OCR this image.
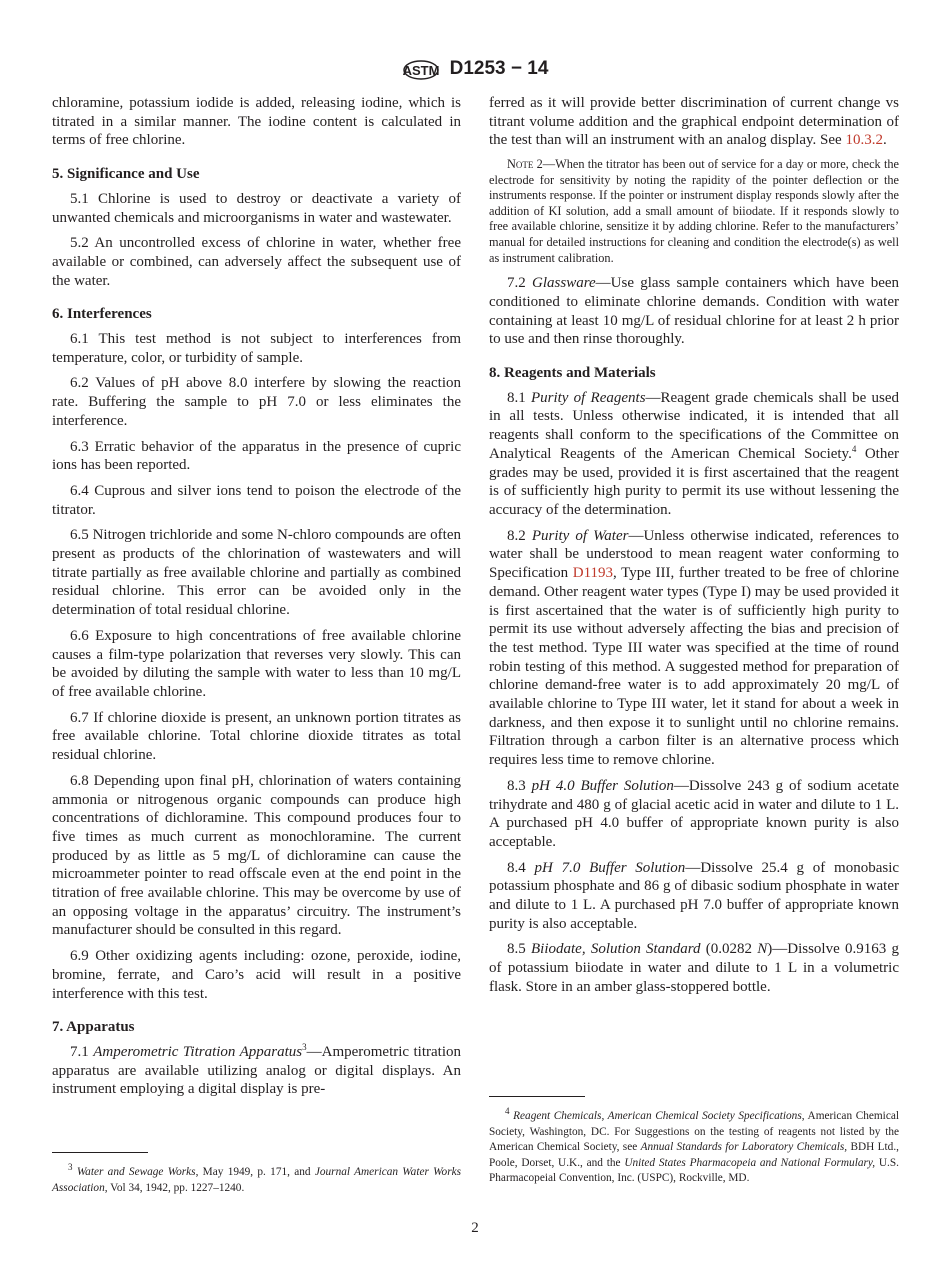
ASTM D1253 − 14

chloramine, potassium iodide is added, releasing iodine, which is titrated in a similar manner. The iodine content is calculated in terms of free chlorine.

5. Significance and Use

5.1 Chlorine is used to destroy or deactivate a variety of unwanted chemicals and microorganisms in water and wastewater.

5.2 An uncontrolled excess of chlorine in water, whether free available or combined, can adversely affect the subsequent use of the water.

6. Interferences

6.1 This test method is not subject to interferences from temperature, color, or turbidity of sample.

6.2 Values of pH above 8.0 interfere by slowing the reaction rate. Buffering the sample to pH 7.0 or less eliminates the interference.

6.3 Erratic behavior of the apparatus in the presence of cupric ions has been reported.

6.4 Cuprous and silver ions tend to poison the electrode of the titrator.

6.5 Nitrogen trichloride and some N-chloro compounds are often present as products of the chlorination of wastewaters and will titrate partially as free available chlorine and partially as combined residual chlorine. This error can be avoided only in the determination of total residual chlorine.

6.6 Exposure to high concentrations of free available chlorine causes a film-type polarization that reverses very slowly. This can be avoided by diluting the sample with water to less than 10 mg/L of free available chlorine.

6.7 If chlorine dioxide is present, an unknown portion titrates as free available chlorine. Total chlorine dioxide titrates as total residual chlorine.

6.8 Depending upon final pH, chlorination of waters containing ammonia or nitrogenous organic compounds can produce high concentrations of dichloramine. This compound produces four to five times as much current as monochloramine. The current produced by as little as 5 mg/L of dichloramine can cause the microammeter pointer to read offscale even at the end point in the titration of free available chlorine. This may be overcome by use of an opposing voltage in the apparatus’ circuitry. The instrument’s manufacturer should be consulted in this regard.

6.9 Other oxidizing agents including: ozone, peroxide, iodine, bromine, ferrate, and Caro’s acid will result in a positive interference with this test.

7. Apparatus

7.1 Amperometric Titration Apparatus$^3$—Amperometric titration apparatus are available utilizing analog or digital displays. An instrument employing a digital display is pre-

ferred as it will provide better discrimination of current change vs titrant volume addition and the graphical endpoint determination of the test than will an instrument with an analog display. See 10.3.2.

Note 2—When the titrator has been out of service for a day or more, check the electrode for sensitivity by noting the rapidity of the pointer deflection or the instruments response. If the pointer or instrument display responds slowly after the addition of KI solution, add a small amount of biiodate. If it responds slowly to free available chlorine, sensitize it by adding chlorine. Refer to the manufacturers’ manual for detailed instructions for cleaning and condition the electrode(s) as well as instrument calibration.

7.2 Glassware—Use glass sample containers which have been conditioned to eliminate chlorine demands. Condition with water containing at least 10 mg/L of residual chlorine for at least 2 h prior to use and then rinse thoroughly.

8. Reagents and Materials

8.1 Purity of Reagents—Reagent grade chemicals shall be used in all tests. Unless otherwise indicated, it is intended that all reagents shall conform to the specifications of the Committee on Analytical Reagents of the American Chemical Society.$^4$ Other grades may be used, provided it is first ascertained that the reagent is of sufficiently high purity to permit its use without lessening the accuracy of the determination.

8.2 Purity of Water—Unless otherwise indicated, references to water shall be understood to mean reagent water conforming to Specification D1193, Type III, further treated to be free of chlorine demand. Other reagent water types (Type I) may be used provided it is first ascertained that the water is of sufficiently high purity to permit its use without adversely affecting the bias and precision of the test method. Type III water was specified at the time of round robin testing of this method. A suggested method for preparation of chlorine demand-free water is to add approximately 20 mg/L of available chlorine to Type III water, let it stand for about a week in darkness, and then expose it to sunlight until no chlorine remains. Filtration through a carbon filter is an alternative process which requires less time to remove chlorine.

8.3 pH 4.0 Buffer Solution—Dissolve 243 g of sodium acetate trihydrate and 480 g of glacial acetic acid in water and dilute to 1 L. A purchased pH 4.0 buffer of appropriate known purity is also acceptable.

8.4 pH 7.0 Buffer Solution—Dissolve 25.4 g of monobasic potassium phosphate and 86 g of dibasic sodium phosphate in water and dilute to 1 L. A purchased pH 7.0 buffer of appropriate known purity is also acceptable.

8.5 Biiodate, Solution Standard (0.0282 N)—Dissolve 0.9163 g of potassium biiodate in water and dilute to 1 L in a volumetric flask. Store in an amber glass-stoppered bottle.

$^3$ Water and Sewage Works, May 1949, p. 171, and Journal American Water Works Association, Vol 34, 1942, pp. 1227–1240.

$^4$ Reagent Chemicals, American Chemical Society Specifications, American Chemical Society, Washington, DC. For Suggestions on the testing of reagents not listed by the American Chemical Society, see Annual Standards for Laboratory Chemicals, BDH Ltd., Poole, Dorset, U.K., and the United States Pharmacopeia and National Formulary, U.S. Pharmacopeial Convention, Inc. (USPC), Rockville, MD.

2
